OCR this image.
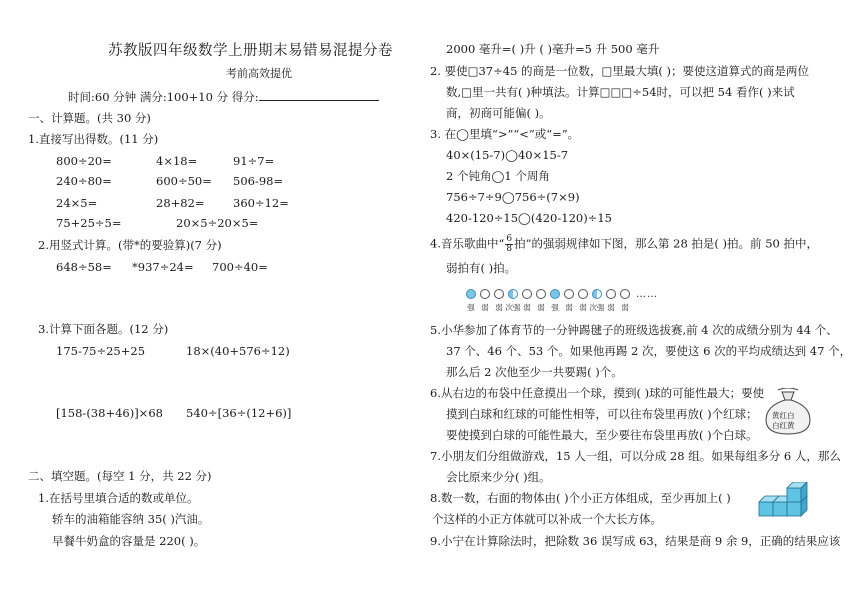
苏教版四年级数学上册期末易错易混提分卷
考前高效提优
时间:60 分钟 满分:100+10 分 得分:
一、计算题。(共 30 分)
1.直接写出得数。(11 分)
800÷20=	4×18=	91÷7=
240÷80=	600÷50= 506-98=
24×5=	28+82= 360÷12=
75+25÷5=	20×5÷20×5=
2.用竖式计算。(带*的要验算)(7 分)
648÷58= *937÷24= 700÷40=
3.计算下面各题。(12 分)
175-75÷25+25	18×(40+576÷12)
[158-(38+46)]×68 540÷[36÷(12+6)]
二、填空题。(每空 1 分，共 22 分)
1.在括号里填合适的数或单位。
轿车的油箱能容纳 35( )汽油。
早餐牛奶盒的容量是 220( )。
2000 毫升=( )升 ( )毫升=5 升 500 毫升
2. 要使□37÷45 的商是一位数，□里最大填( )；要使这道算式的商是两位
数,□里一共有( )种填法。计算□□□÷54时，可以把 54 看作( )来试
商，初商可能偏( )。
3. 在◯里填“>”“<”或“=”。
40×(15-7)◯40×15-7
2 个钝角◯1 个周角
756÷7÷9◯756÷(7×9)
420-120÷15◯(420-120)÷15
4.音乐歌曲中“ $\frac{6}{8}$ 拍”的强弱规律如下图，那么第 28 拍是( )拍。前 50 拍中，
弱拍有( )拍。
……
强 弱 弱 次强 弱 弱 强 弱 弱 次强 弱 弱
5.小华参加了体育节的一分钟踢毽子的班级选拔赛,前 4 次的成绩分别为 44 个、
37 个、46 个、53 个。如果他再踢 2 次，要使这 6 次的平均成绩达到 47 个，
那么后 2 次他至少一共要踢( )个。
6.从右边的布袋中任意摸出一个球，摸到( )球的可能性最大；要使
摸到白球和红球的可能性相等，可以往布袋里再放( )个红球；
要使摸到白球的可能性最大，至少要往布袋里再放( )个白球。
黄红白
白红黄
7.小朋友们分组做游戏，15 人一组，可以分成 28 组。如果每组多分 6 人，那么
会比原来少分( )组。
8.数一数，右面的物体由( )个小正方体组成，至少再加上( )
个这样的小正方体就可以补成一个大长方体。
9.小宁在计算除法时，把除数 36 误写成 63，结果是商 9 余 9，正确的结果应该
